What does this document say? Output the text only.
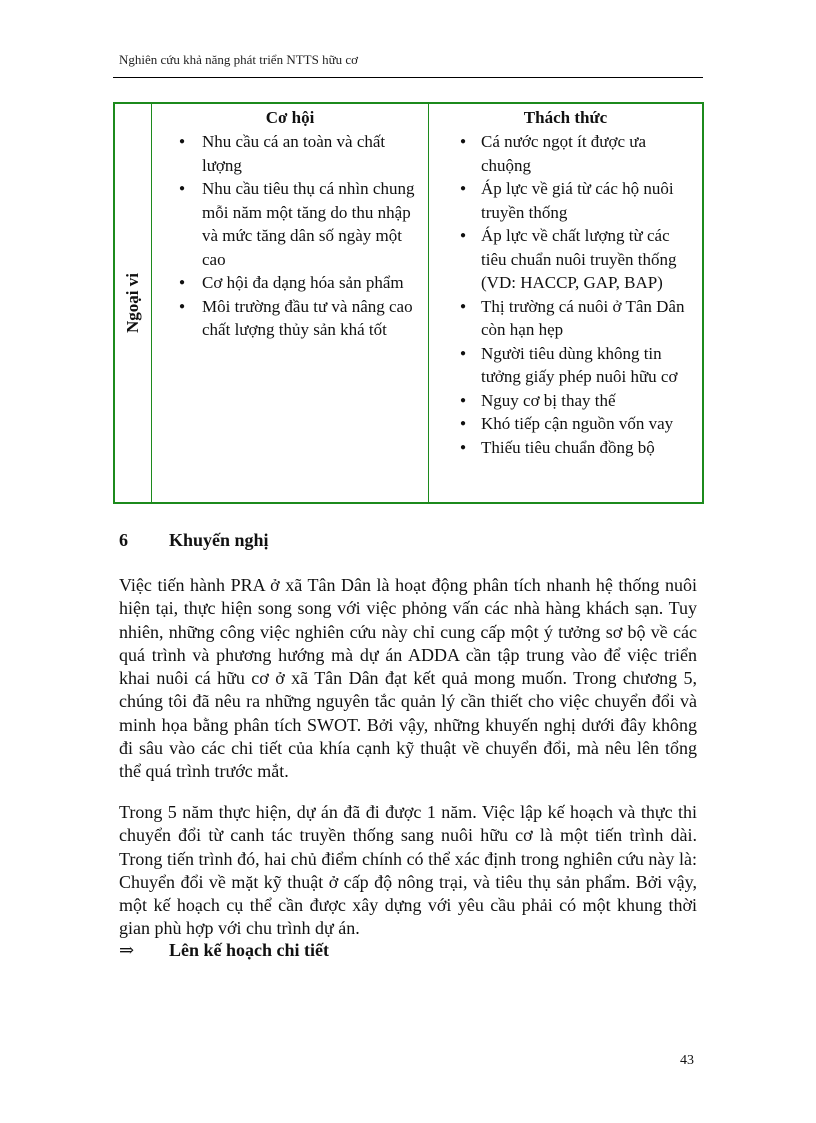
Nghiên cứu khả năng phát triển NTTS hữu cơ
Ngoại vi

Cơ hội
● Nhu cầu cá an toàn và chất lượng
● Nhu cầu tiêu thụ cá nhìn chung mỗi năm một tăng do thu nhập và mức tăng dân số ngày một cao
● Cơ hội đa dạng hóa sản phẩm
● Môi trường đầu tư và nâng cao chất lượng thủy sản khá tốt

Thách thức
● Cá nước ngọt ít được ưa chuộng
● Áp lực về giá từ các hộ nuôi truyền thống
● Áp lực về chất lượng từ các tiêu chuẩn nuôi truyền thống (VD: HACCP, GAP, BAP)
● Thị trường cá nuôi ở Tân Dân còn hạn hẹp
● Người tiêu dùng không tin tưởng giấy phép nuôi hữu cơ
● Nguy cơ bị thay thế
● Khó tiếp cận nguồn vốn vay
● Thiếu tiêu chuẩn đồng bộ
6 Khuyến nghị
Việc tiến hành PRA ở xã Tân Dân là hoạt động phân tích nhanh hệ thống nuôi hiện tại, thực hiện song song với việc phỏng vấn các nhà hàng khách sạn. Tuy nhiên, những công việc nghiên cứu này chỉ cung cấp một ý tưởng sơ bộ về các quá trình và phương hướng mà dự án ADDA cần tập trung vào để việc triển khai nuôi cá hữu cơ ở xã Tân Dân đạt kết quả mong muốn. Trong chương 5, chúng tôi đã nêu ra những nguyên tắc quản lý cần thiết cho việc chuyển đổi và minh họa bằng phân tích SWOT. Bởi vậy, những khuyến nghị dưới đây không đi sâu vào các chi tiết của khía cạnh kỹ thuật về chuyển đổi, mà nêu lên tổng thể quá trình trước mắt.
Trong 5 năm thực hiện, dự án đã đi được 1 năm. Việc lập kế hoạch và thực thi chuyển đổi từ canh tác truyền thống sang nuôi hữu cơ là một tiến trình dài. Trong tiến trình đó, hai chủ điểm chính có thể xác định trong nghiên cứu này là: Chuyển đổi về mặt kỹ thuật ở cấp độ nông trại, và tiêu thụ sản phẩm. Bởi vậy, một kế hoạch cụ thể cần được xây dựng với yêu cầu phải có một khung thời gian phù hợp với chu trình dự án.
⇒ Lên kế hoạch chi tiết
43
